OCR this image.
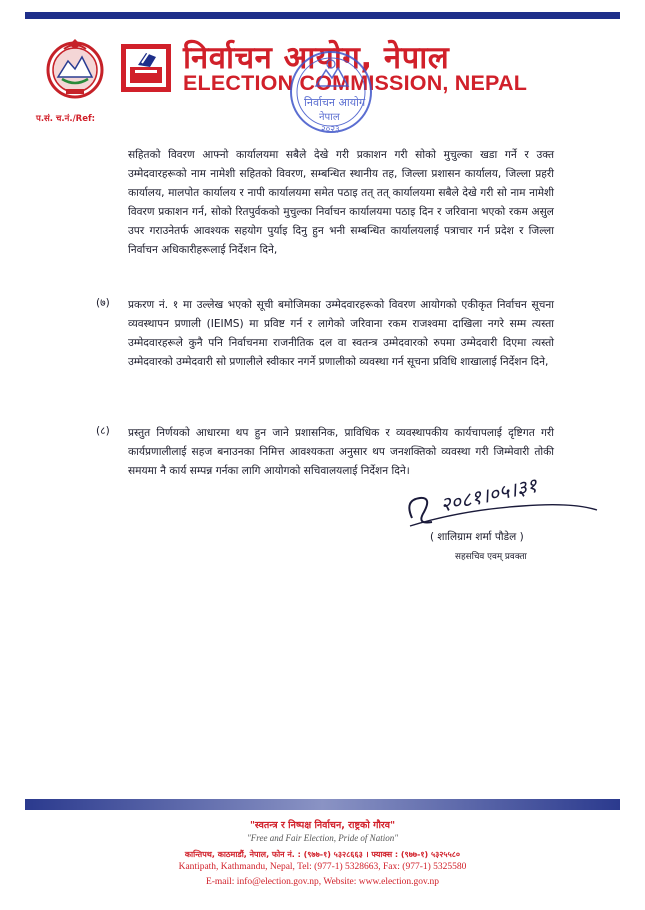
निर्वाचन आयोग, नेपाल
ELECTION COMMISSION, NEPAL
निर्वाचन आयोग
नेपाल
२०२३
प.सं. च.नं./Ref:
सहितको विवरण आफ्नो कार्यालयमा सबैले देखे गरी प्रकाशन गरी सोको मुचुल्का खडा गर्ने र उक्त उम्मेदवारहरूको नाम नामेशी सहितको विवरण, सम्बन्धित स्थानीय तह, जिल्ला प्रशासन कार्यालय, जिल्ला प्रहरी कार्यालय, मालपोत कार्यालय र नापी कार्यालयमा समेत पठाइ तत् तत् कार्यालयमा सबैले देखे गरी सो नाम नामेशी विवरण प्रकाशन गर्न, सोको रितपुर्वकको मुचुल्का निर्वाचन कार्यालयमा पठाइ दिन र जरिवाना भएको रकम असुल उपर गराउनेतर्फ आवश्यक सहयोग पुर्याइ दिनु हुन भनी सम्बन्धित कार्यालयलाई पत्राचार गर्न प्रदेश र जिल्ला निर्वाचन अधिकारीहरूलाई निर्देशन दिने,
(७) प्रकरण नं. १ मा उल्लेख भएको सूची बमोजिमका उम्मेदवारहरूको विवरण आयोगको एकीकृत निर्वाचन सूचना व्यवस्थापन प्रणाली (IEIMS) मा प्रविष्ट गर्न र लागेको जरिवाना रकम राजश्वमा दाखिला नगरे सम्म त्यस्ता उम्मेदवारहरूले कुनै पनि निर्वाचनमा राजनीतिक दल वा स्वतन्त्र उम्मेदवारको रुपमा उम्मेदवारी दिएमा त्यस्तो उम्मेदवारको उम्मेदवारी सो प्रणालीले स्वीकार नगर्ने प्रणालीको व्यवस्था गर्न सूचना प्रविधि शाखालाई निर्देशन दिने,
(८) प्रस्तुत निर्णयको आधारमा थप हुन जाने प्रशासनिक, प्राविधिक र व्यवस्थापकीय कार्यचापलाई दृष्टिगत गरी कार्यप्रणालीलाई सहज बनाउनका निमित्त आवश्यकता अनुसार थप जनशक्तिको व्यवस्था गरी जिम्मेवारी तोकी समयमा नै कार्य सम्पन्न गर्नका लागि आयोगको सचिवालयलाई निर्देशन दिने।
२०८१।०५।३१
( शालिग्राम शर्मा पौडेल )
सहसचिव एवम् प्रवक्ता
"स्वतन्त्र र निष्पक्ष निर्वाचन, राष्ट्रको गौरव"
"Free and Fair Election, Pride of Nation"
कान्तिपथ, काठमाडौं, नेपाल, फोन नं. : (९७७-१) ५३२८६६३ । फ्याक्स : (९७७-१) ५३२५५८०
Kantipath, Kathmandu, Nepal, Tel: (977-1) 5328663, Fax: (977-1) 5325580
E-mail: info@election.gov.np, Website: www.election.gov.np
